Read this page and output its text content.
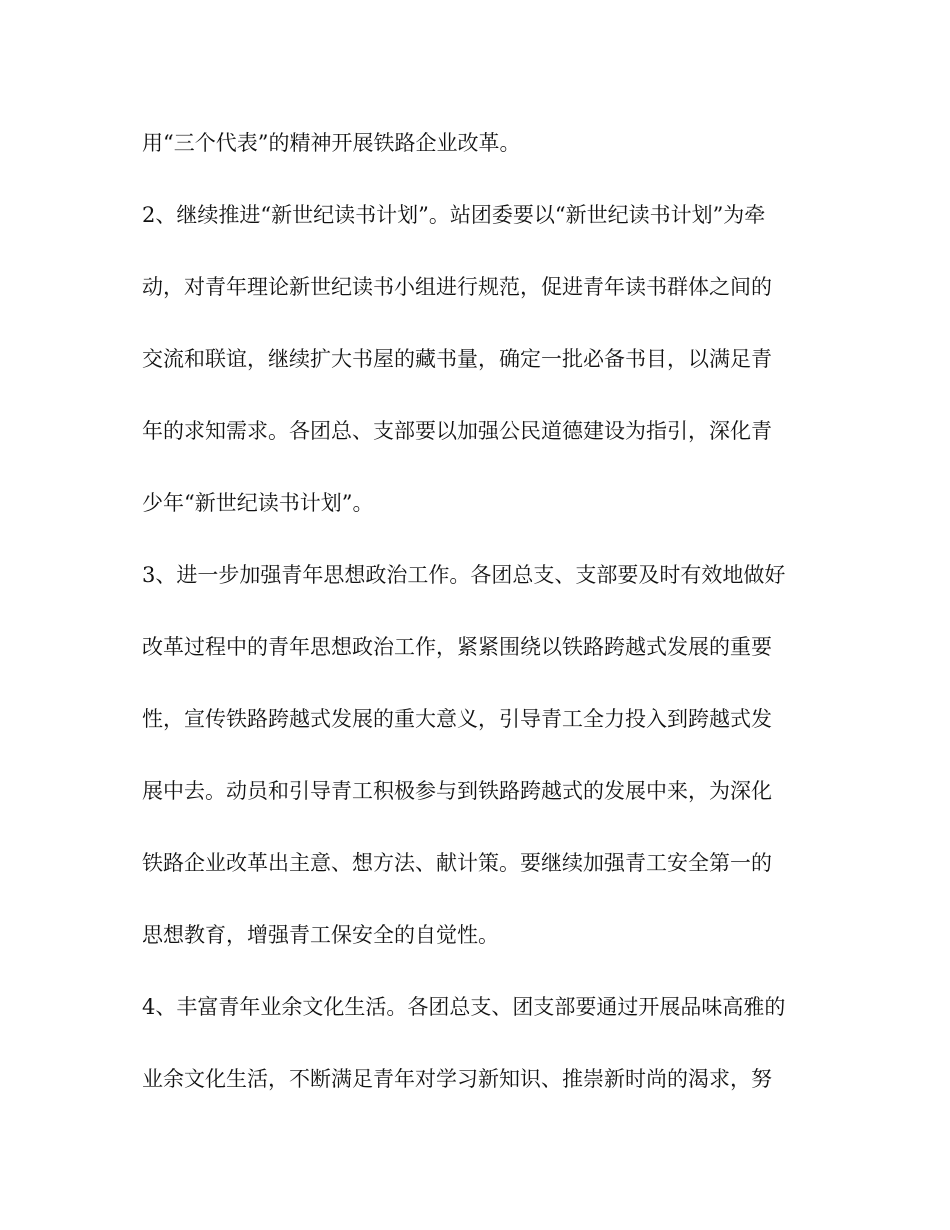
用“三个代表”的精神开展铁路企业改革。
2、继续推进“新世纪读书计划”。站团委要以“新世纪读书计划”为牵
动，对青年理论新世纪读书小组进行规范，促进青年读书群体之间的
交流和联谊，继续扩大书屋的藏书量，确定一批必备书目，以满足青
年的求知需求。各团总、支部要以加强公民道德建设为指引，深化青
少年“新世纪读书计划”。
3、进一步加强青年思想政治工作。各团总支、支部要及时有效地做好
改革过程中的青年思想政治工作，紧紧围绕以铁路跨越式发展的重要
性，宣传铁路跨越式发展的重大意义，引导青工全力投入到跨越式发
展中去。动员和引导青工积极参与到铁路跨越式的发展中来，为深化
铁路企业改革出主意、想方法、献计策。要继续加强青工安全第一的
思想教育，增强青工保安全的自觉性。
4、丰富青年业余文化生活。各团总支、团支部要通过开展品味高雅的
业余文化生活，不断满足青年对学习新知识、推崇新时尚的渴求，努
